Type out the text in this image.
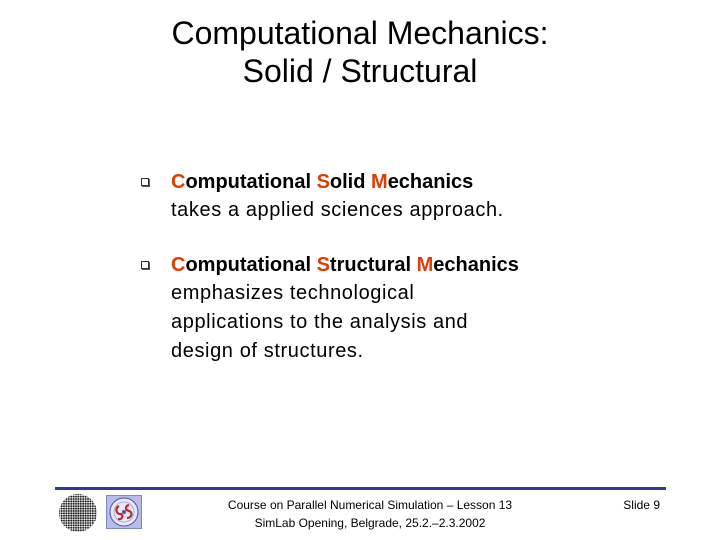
Computational Mechanics:
Solid / Structural
Computational Solid Mechanics
takes a applied sciences approach.
Computational Structural Mechanics
emphasizes technological
applications to the analysis and
design of structures.
Course on Parallel Numerical Simulation – Lesson 13
SimLab Opening, Belgrade, 25.2.–2.3.2002
Slide 9
